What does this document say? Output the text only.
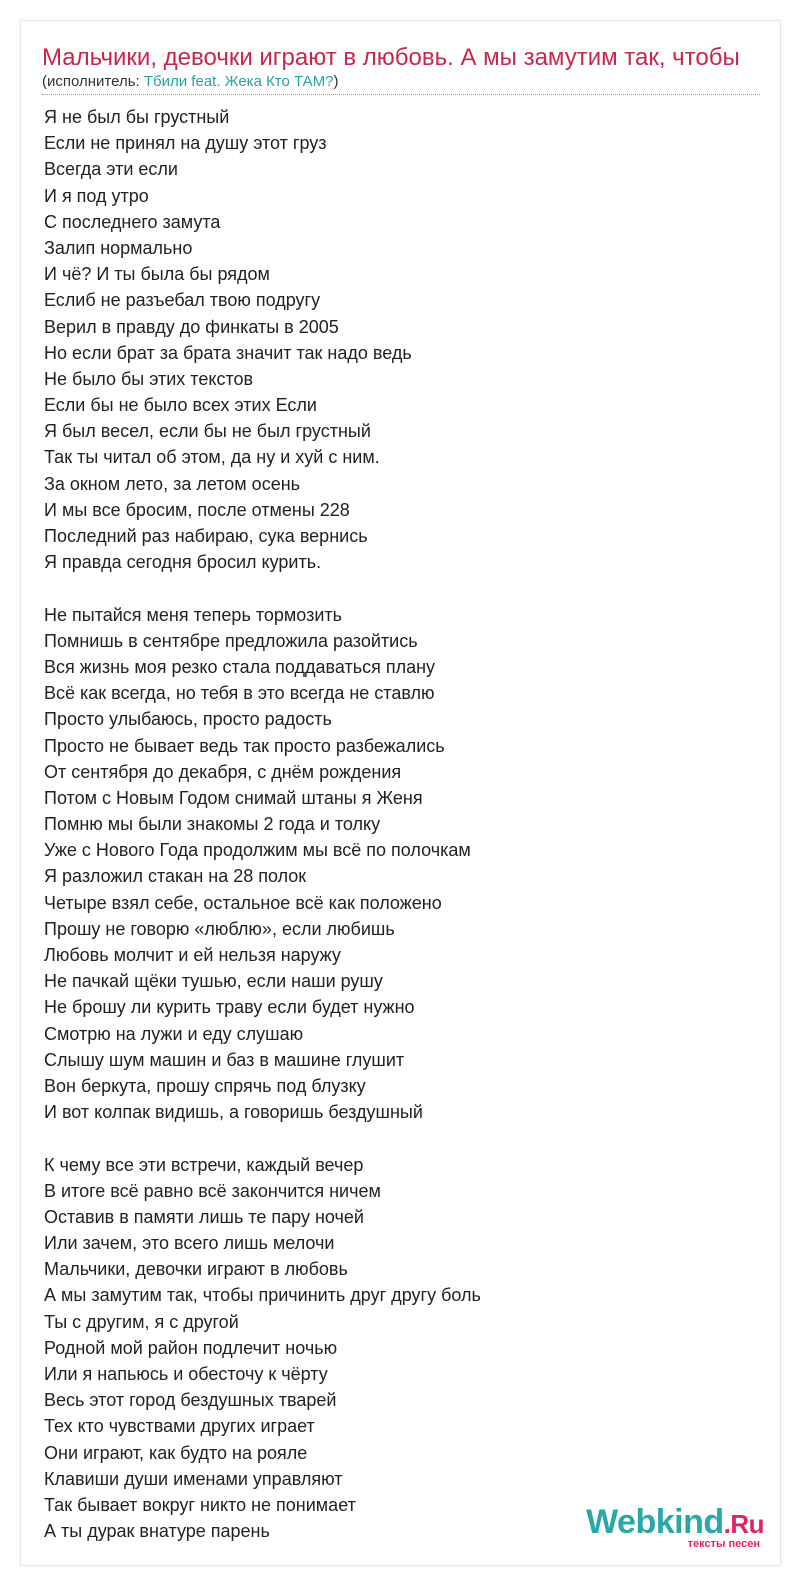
Мальчики, девочки играют в любовь. А мы замутим так, чтобы
(исполнитель: Тбили feat. Жека Кто ТАМ?)
Я не был бы грустный
Если не принял на душу этот груз
Всегда эти если
И я под утро
С последнего замута
Залип нормально
И чё? И ты была бы рядом
Еслиб не разъебал твою подругу
Верил в правду до финкаты в 2005
Но если брат за брата значит так надо ведь
Не было бы этих текстов
Если бы не было всех этих Если
Я был весел, если бы не был грустный
Так ты читал об этом, да ну и хуй с ним.
За окном лето, за летом осень
И мы все бросим, после отмены 228
Последний раз набираю, сука вернись
Я правда сегодня бросил курить.
Не пытайся меня теперь тормозить
Помнишь в сентябре предложила разойтись
Вся жизнь моя резко стала поддаваться плану
Всё как всегда, но тебя в это всегда не ставлю
Просто улыбаюсь, просто радость
Просто не бывает ведь так просто разбежались
От сентября до декабря, с днём рождения
Потом с Новым Годом снимай штаны я Женя
Помню мы были знакомы 2 года и толку
Уже с Нового Года продолжим мы всё по полочкам
Я разложил стакан на 28 полок
Четыре взял себе, остальное всё как положено
Прошу не говорю «люблю», если любишь
Любовь молчит и ей нельзя наружу
Не пачкай щёки тушью, если наши рушу
Не брошу ли курить траву если будет нужно
Смотрю на лужи и еду слушаю
Слышу шум машин и баз в машине глушит
Вон беркута, прошу спрячь под блузку
И вот колпак видишь, а говоришь бездушный
К чему все эти встречи, каждый вечер
В итоге всё равно всё закончится ничем
Оставив в памяти лишь те пару ночей
Или зачем, это всего лишь мелочи
Мальчики, девочки играют в любовь
А мы замутим так, чтобы причинить друг другу боль
Ты с другим, я с другой
Родной мой район подлечит ночью
Или я напьюсь и обесточу к чёрту
Весь этот город бездушных тварей
Тех кто чувствами других играет
Они играют, как будто на рояле
Клавиши души именами управляют
Так бывает вокруг никто не понимает
А ты дурак внатуре парень	Webkind.Ru
тексты песен
